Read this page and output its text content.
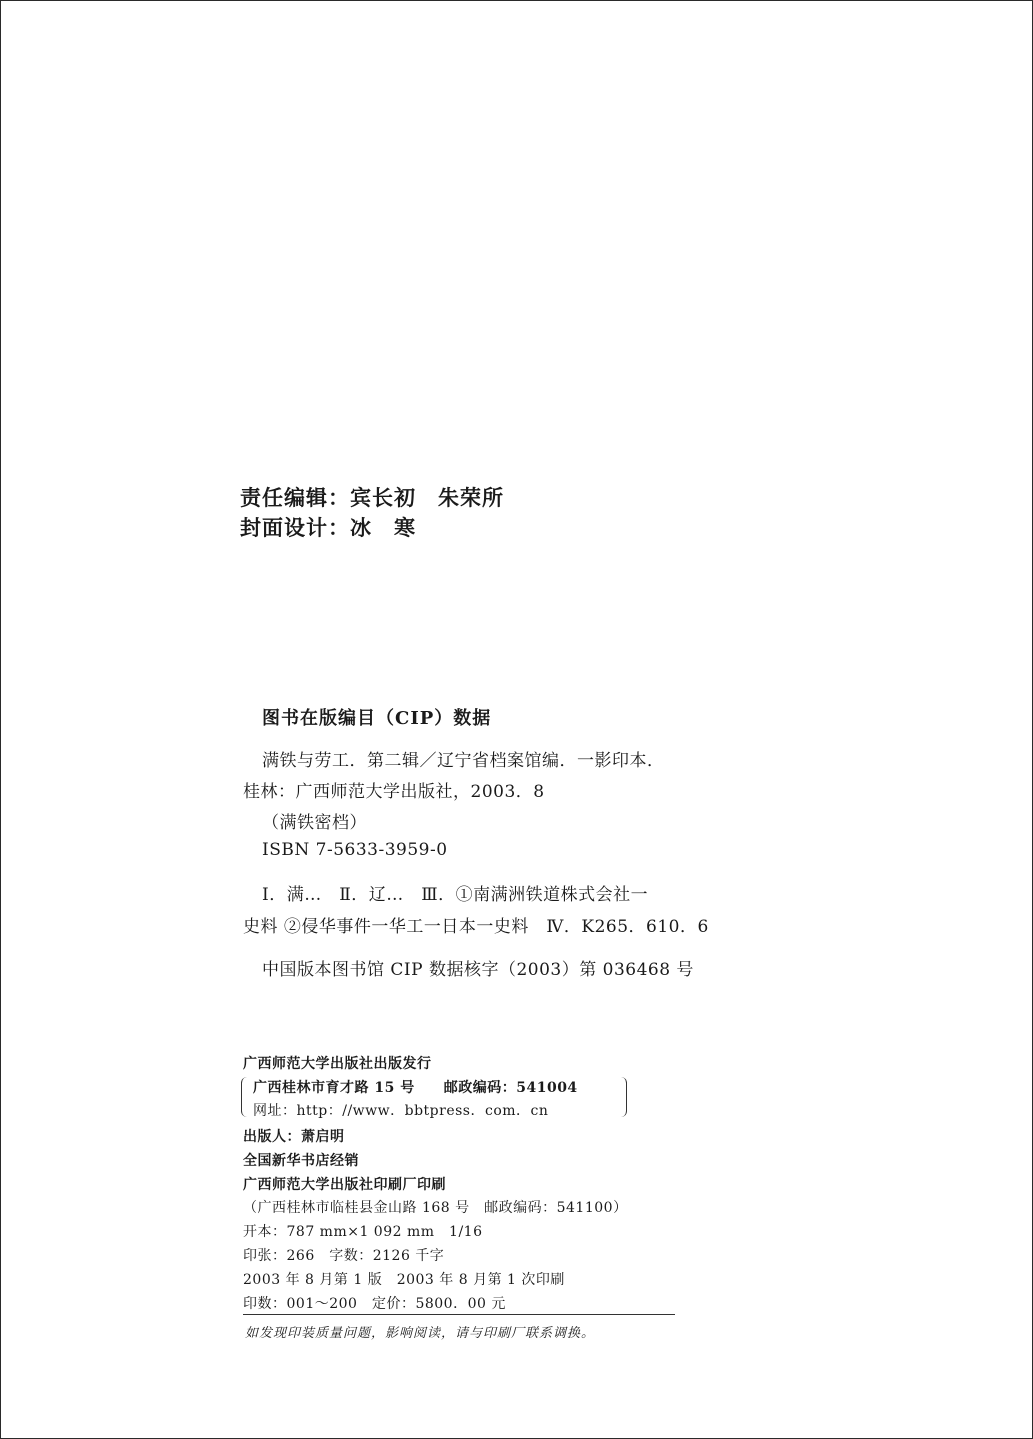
责任编辑：宾长初　朱荣所
封面设计：冰　寒
图书在版编目（CIP）数据
满铁与劳工．第二辑／辽宁省档案馆编．一影印本．
桂林：广西师范大学出版社，2003．8
（满铁密档）
ISBN 7-5633-3959-0
Ⅰ．满…　Ⅱ．辽…　Ⅲ．①南满洲铁道株式会社一
史料 ②侵华事件一华工一日本一史料　Ⅳ．K265．610．6
中国版本图书馆 CIP 数据核字（2003）第 036468 号
广西师范大学出版社出版发行
广西桂林市育才路 15 号　　邮政编码：541004
网址：http：//www．bbtpress．com．cn
出版人：萧启明
全国新华书店经销
广西师范大学出版社印刷厂印刷
（广西桂林市临桂县金山路 168 号　邮政编码：541100）
开本：787 mm×1 092 mm　1/16
印张：266　字数：2126 千字
2003 年 8 月第 1 版　2003 年 8 月第 1 次印刷
印数：001～200　定价：5800．00 元
如发现印装质量问题，影响阅读，请与印刷厂联系调换。
